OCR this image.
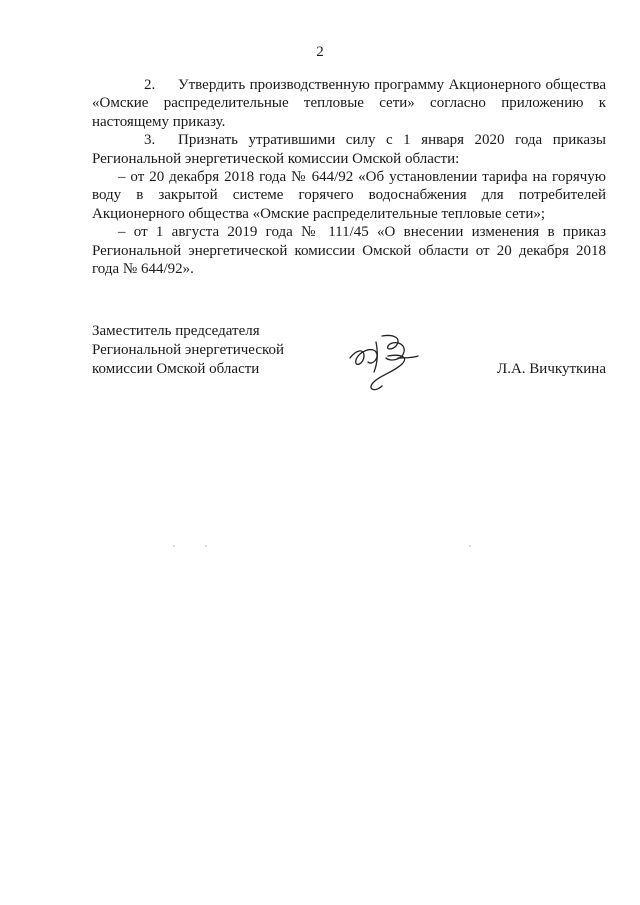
2

2. Утвердить производственную программу Акционерного общества «Омские распределительные тепловые сети» согласно приложению к настоящему приказу.

3. Признать утратившими силу с 1 января 2020 года приказы Региональной энергетической комиссии Омской области:

– от 20 декабря 2018 года № 644/92 «Об установлении тарифа на горячую воду в закрытой системе горячего водоснабжения для потребителей Акционерного общества «Омские распределительные тепловые сети»;

– от 1 августа 2019 года № 111/45 «О внесении изменения в приказ Региональной энергетической комиссии Омской области от 20 декабря 2018 года № 644/92».

Заместитель председателя
Региональной энергетической
комиссии Омской области	Л.А. Вичкуткина
